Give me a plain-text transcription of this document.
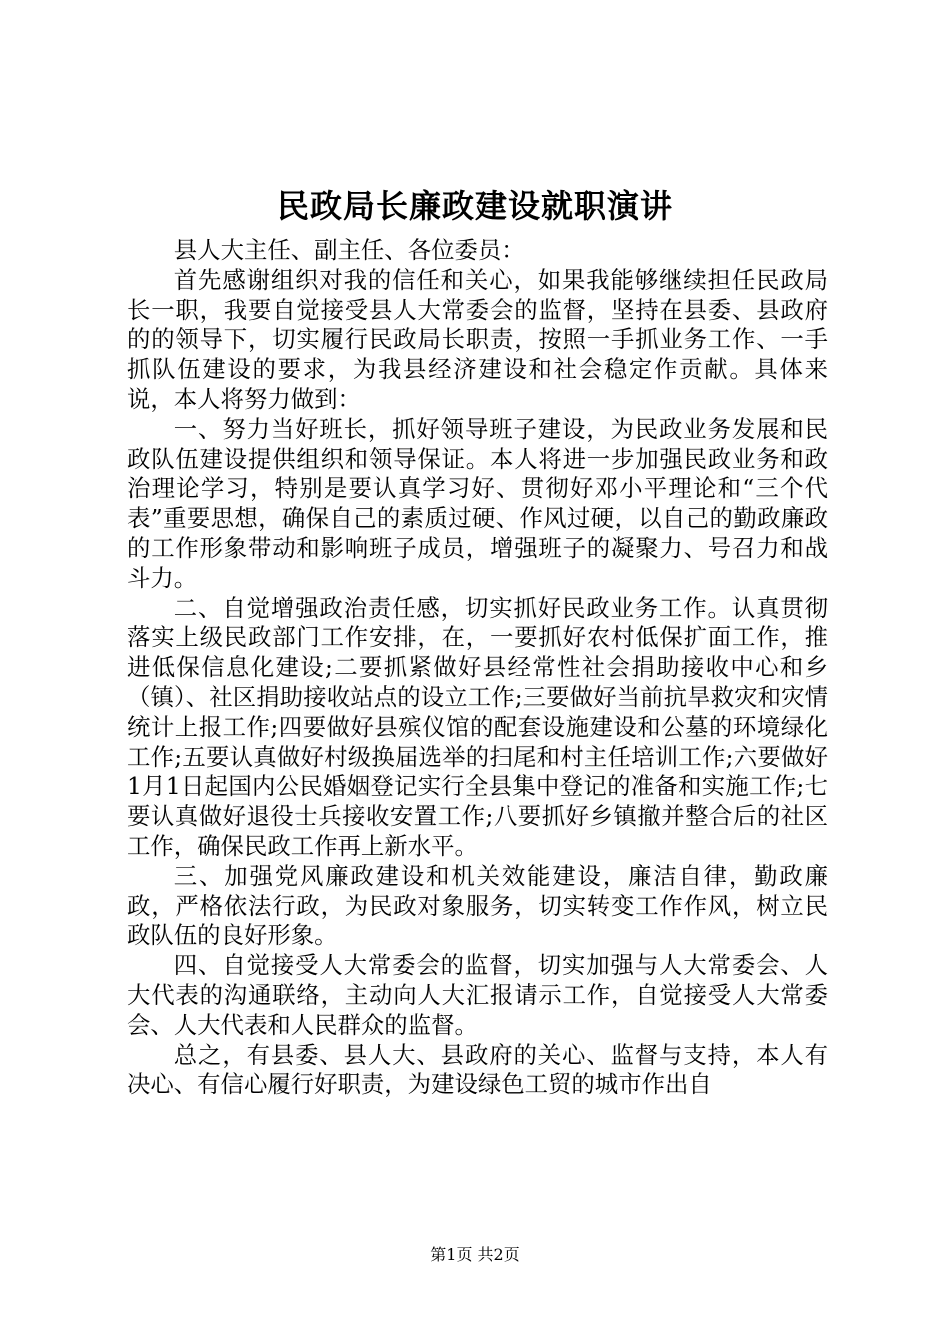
民政局长廉政建设就职演讲

县人大主任、副主任、各位委员：

首先感谢组织对我的信任和关心，如果我能够继续担任民政局长一职，我要自觉接受县人大常委会的监督，坚持在县委、县政府的的领导下，切实履行民政局长职责，按照一手抓业务工作、一手抓队伍建设的要求，为我县经济建设和社会稳定作贡献。具体来说，本人将努力做到：

一、努力当好班长，抓好领导班子建设，为民政业务发展和民政队伍建设提供组织和领导保证。本人将进一步加强民政业务和政治理论学习，特别是要认真学习好、贯彻好邓小平理论和“三个代表”重要思想，确保自己的素质过硬、作风过硬，以自己的勤政廉政的工作形象带动和影响班子成员，增强班子的凝聚力、号召力和战斗力。

二、自觉增强政治责任感，切实抓好民政业务工作。认真贯彻落实上级民政部门工作安排，在，一要抓好农村低保扩面工作，推进低保信息化建设;二要抓紧做好县经常性社会捐助接收中心和乡（镇）、社区捐助接收站点的设立工作;三要做好当前抗旱救灾和灾情统计上报工作;四要做好县殡仪馆的配套设施建设和公墓的环境绿化工作;五要认真做好村级换届选举的扫尾和村主任培训工作;六要做好1月1日起国内公民婚姻登记实行全县集中登记的准备和实施工作;七要认真做好退役士兵接收安置工作;八要抓好乡镇撤并整合后的社区工作，确保民政工作再上新水平。

三、加强党风廉政建设和机关效能建设，廉洁自律，勤政廉政，严格依法行政，为民政对象服务，切实转变工作作风，树立民政队伍的良好形象。

四、自觉接受人大常委会的监督，切实加强与人大常委会、人大代表的沟通联络，主动向人大汇报请示工作，自觉接受人大常委会、人大代表和人民群众的监督。

总之，有县委、县人大、县政府的关心、监督与支持，本人有决心、有信心履行好职责，为建设绿色工贸的城市作出自

第1页 共2页
